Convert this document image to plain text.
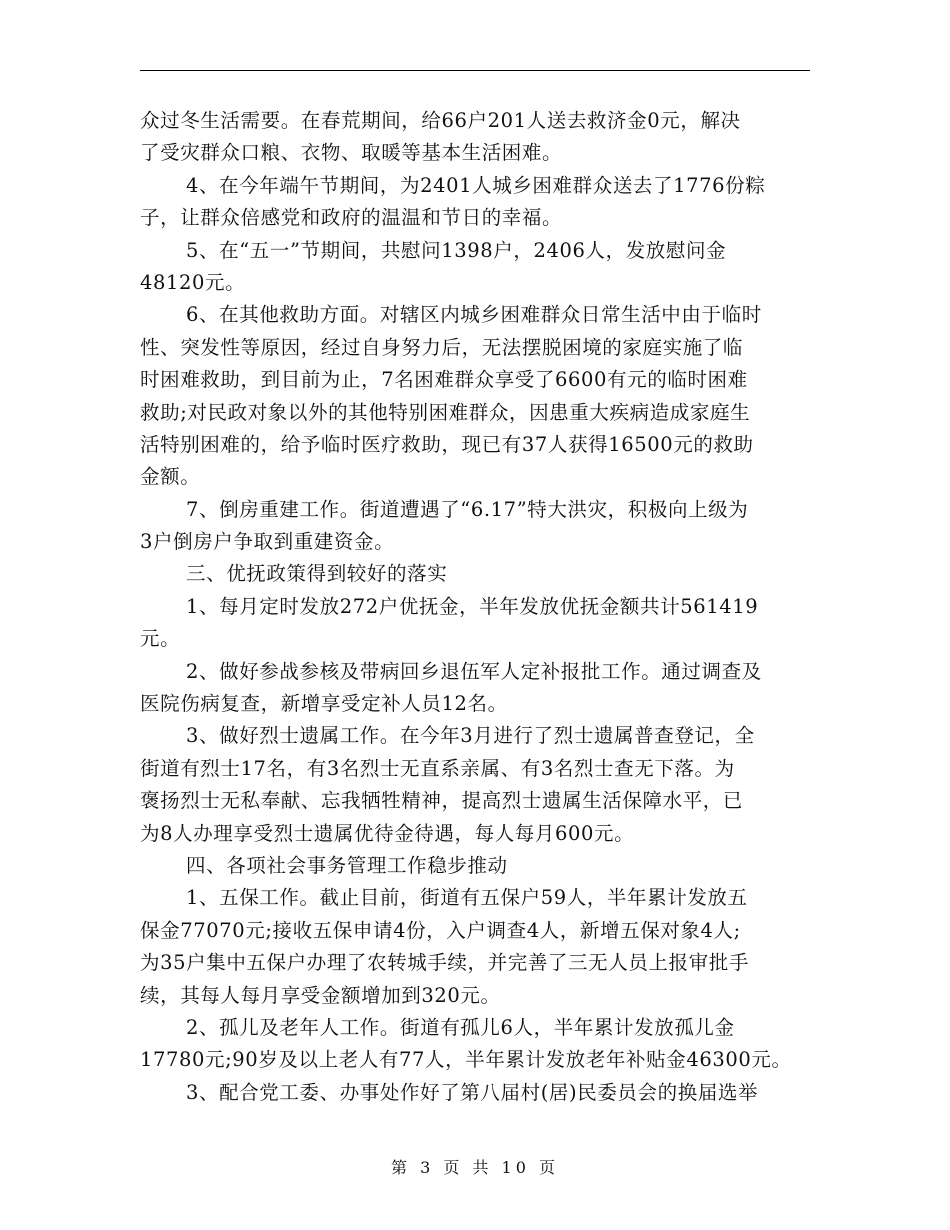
众过冬生活需要。在春荒期间，给66户201人送去救济金0元，解决
了受灾群众口粮、衣物、取暖等基本生活困难。
4、在今年端午节期间，为2401人城乡困难群众送去了1776份粽
子，让群众倍感党和政府的温温和节日的幸福。
5、在“五一”节期间，共慰问1398户，2406人，发放慰问金
48120元。
6、在其他救助方面。对辖区内城乡困难群众日常生活中由于临时
性、突发性等原因，经过自身努力后，无法摆脱困境的家庭实施了临
时困难救助，到目前为止，7名困难群众享受了6600有元的临时困难
救助;对民政对象以外的其他特别困难群众，因患重大疾病造成家庭生
活特别困难的，给予临时医疗救助，现已有37人获得16500元的救助
金额。
7、倒房重建工作。街道遭遇了“6.17”特大洪灾，积极向上级为
3户倒房户争取到重建资金。
三、优抚政策得到较好的落实
1、每月定时发放272户优抚金，半年发放优抚金额共计561419
元。
2、做好参战参核及带病回乡退伍军人定补报批工作。通过调查及
医院伤病复查，新增享受定补人员12名。
3、做好烈士遗属工作。在今年3月进行了烈士遗属普查登记，全
街道有烈士17名，有3名烈士无直系亲属、有3名烈士查无下落。为
褒扬烈士无私奉献、忘我牺牲精神，提高烈士遗属生活保障水平，已
为8人办理享受烈士遗属优待金待遇，每人每月600元。
四、各项社会事务管理工作稳步推动
1、五保工作。截止目前，街道有五保户59人，半年累计发放五
保金77070元;接收五保申请4份，入户调查4人，新增五保对象4人;
为35户集中五保户办理了农转城手续，并完善了三无人员上报审批手
续，其每人每月享受金额增加到320元。
2、孤儿及老年人工作。街道有孤儿6人，半年累计发放孤儿金
17780元;90岁及以上老人有77人，半年累计发放老年补贴金46300元。
3、配合党工委、办事处作好了第八届村(居)民委员会的换届选举
第 3 页 共 10 页
